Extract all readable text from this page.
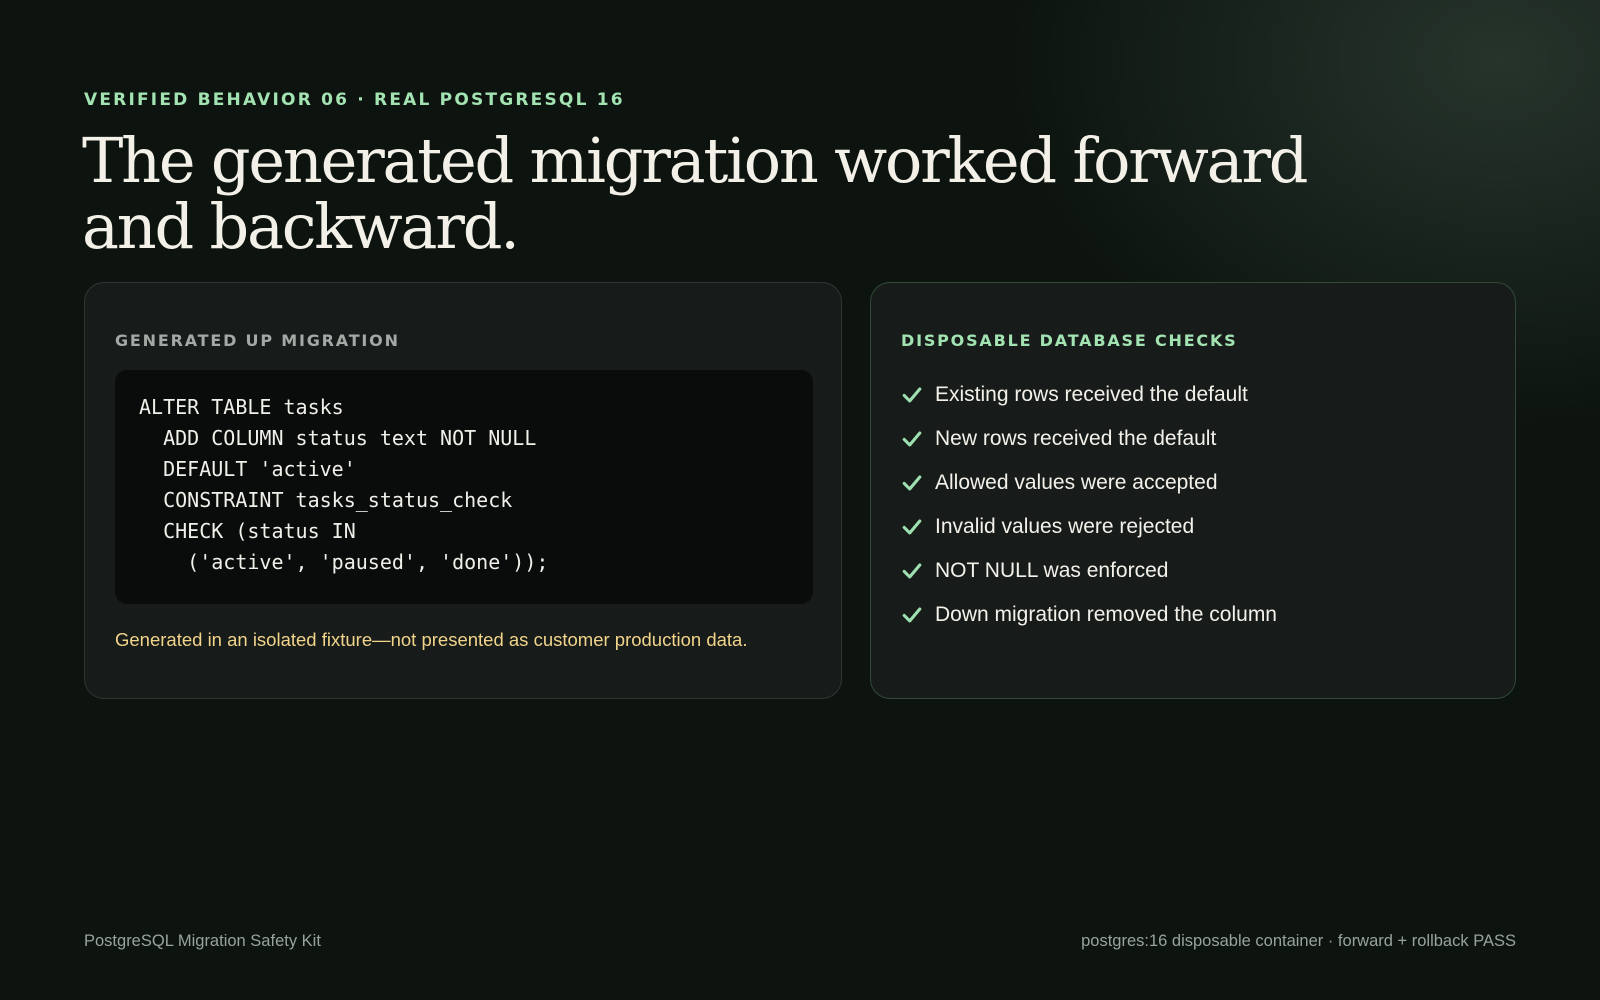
VERIFIED BEHAVIOR 06 · REAL POSTGRESQL 16

The generated migration worked forward and backward.
GENERATED UP MIGRATION
ALTER TABLE tasks
ADD COLUMN status text NOT NULL
DEFAULT 'active'
CONSTRAINT tasks_status_check
CHECK (status IN
('active', 'paused', 'done'));

Generated in an isolated fixture—not presented as customer production data.

DISPOSABLE DATABASE CHECKS
Existing rows received the default
New rows received the default
Allowed values were accepted
Invalid values were rejected
NOT NULL was enforced
Down migration removed the column

PostgreSQL Migration Safety Kit	postgres:16 disposable container · forward + rollback PASS
